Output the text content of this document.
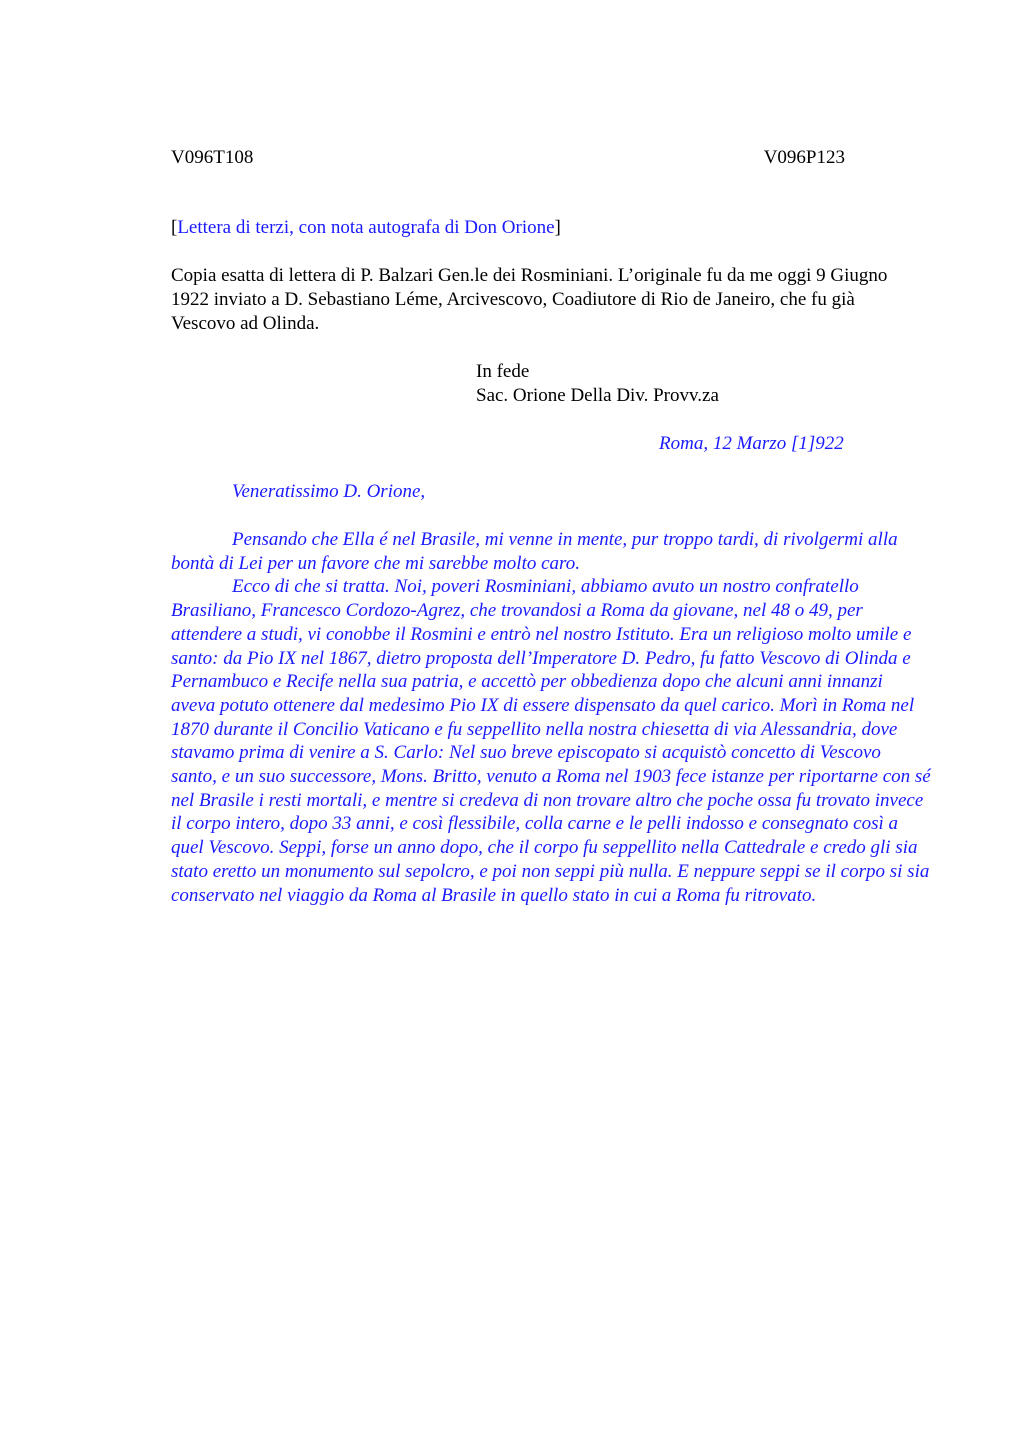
V096T108	V096P123
[Lettera di terzi, con nota autografa di Don Orione]
Copia esatta di lettera di P. Balzari Gen.le dei Rosminiani. L’originale fu da me oggi 9 Giugno 1922 inviato a D. Sebastiano Léme, Arcivescovo, Coadiutore di Rio de Janeiro, che fu già Vescovo ad Olinda.
In fede
Sac. Orione Della Div. Provv.za
Roma, 12 Marzo [1]922
Veneratissimo D. Orione,
Pensando che Ella é nel Brasile, mi venne in mente, pur troppo tardi, di rivolgermi alla bontà di Lei per un favore che mi sarebbe molto caro.
Ecco di che si tratta. Noi, poveri Rosminiani, abbiamo avuto un nostro confratello Brasiliano, Francesco Cordozo-Agrez, che trovandosi a Roma da giovane, nel 48 o 49, per attendere a studi, vi conobbe il Rosmini e entrò nel nostro Istituto. Era un religioso molto umile e santo: da Pio IX nel 1867, dietro proposta dell’Imperatore D. Pedro, fu fatto Vescovo di Olinda e Pernambuco e Recife nella sua patria, e accettò per obbedienza dopo che alcuni anni innanzi aveva potuto ottenere dal medesimo Pio IX di essere dispensato da quel carico. Morì in Roma nel 1870 durante il Concilio Vaticano e fu seppellito nella nostra chiesetta di via Alessandria, dove stavamo prima di venire a S. Carlo: Nel suo breve episcopato si acquistò concetto di Vescovo santo, e un suo successore, Mons. Britto, venuto a Roma nel 1903 fece istanze per riportarne con sé nel Brasile i resti mortali, e mentre si credeva di non trovare altro che poche ossa fu trovato invece il corpo intero, dopo 33 anni, e così flessibile, colla carne e le pelli indosso e consegnato così a quel Vescovo. Seppi, forse un anno dopo, che il corpo fu seppellito nella Cattedrale e credo gli sia stato eretto un monumento sul sepolcro, e poi non seppi più nulla. E neppure seppi se il corpo si sia conservato nel viaggio da Roma al Brasile in quello stato in cui a Roma fu ritrovato.
